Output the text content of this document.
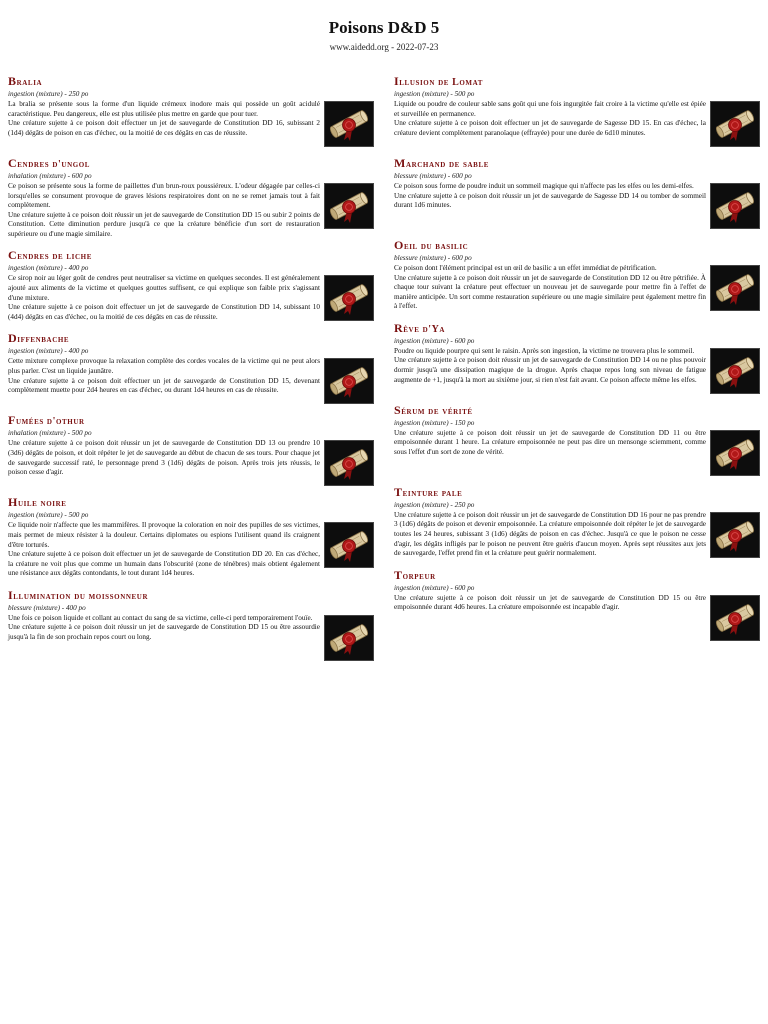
Poisons D&D 5
www.aidedd.org - 2022-07-23
Bralia
ingestion (mixture) - 250 po

La bralia se présente sous la forme d'un liquide crémeux inodore mais qui possède un goût acidulé caractéristique. Peu dangereux, elle est plus utilisée plus mettre en garde que pour tuer.

Une créature sujette à ce poison doit effectuer un jet de sauvegarde de Constitution DD 16, subissant 2 (1d4) dégâts de poison en cas d'échec, ou la moitié de ces dégâts en cas de réussite.

Cendres d'ungol
inhalation (mixture) - 600 po

Ce poison se présente sous la forme de paillettes d'un brun-roux poussiéreux. L'odeur dégagée par celles-ci lorsqu'elles se consument provoque de graves lésions respiratoires dont on ne se remet jamais tout à fait complètement.

Une créature sujette à ce poison doit réussir un jet de sauvegarde de Constitution DD 15 ou subir 2 points de Constitution. Cette diminution perdure jusqu'à ce que la créature bénéficie d'un sort de restauration supérieure ou d'une magie similaire.

Cendres de liche
ingestion (mixture) - 400 po

Ce sirop noir au léger goût de cendres peut neutraliser sa victime en quelques secondes. Il est généralement ajouté aux aliments de la victime et quelques gouttes suffisent, ce qui explique son faible prix s'agissant d'une mixture.

Une créature sujette à ce poison doit effectuer un jet de sauvegarde de Constitution DD 14, subissant 10 (4d4) dégâts en cas d'échec, ou la moitié de ces dégâts en cas de réussite.

Diffenbache
ingestion (mixture) - 400 po

Cette mixture complexe provoque la relaxation complète des cordes vocales de la victime qui ne peut alors plus parler. C'est un liquide jaunâtre.

Une créature sujette à ce poison doit effectuer un jet de sauvegarde de Constitution DD 15, devenant complètement muette pour 2d4 heures en cas d'échec, ou durant 1d4 heures en cas de réussite.

Fumées d'othur
inhalation (mixture) - 500 po

Une créature sujette à ce poison doit réussir un jet de sauvegarde de Constitution DD 13 ou prendre 10 (3d6) dégâts de poison, et doit répéter le jet de sauvegarde au début de chacun de ses tours. Pour chaque jet de sauvegarde successif raté, le personnage prend 3 (1d6) dégâts de poison. Après trois jets réussis, le poison cesse d'agir.

Huile noire
ingestion (mixture) - 500 po

Ce liquide noir n'affecte que les mammifères. Il provoque la coloration en noir des pupilles de ses victimes, mais permet de mieux résister à la douleur. Certains diplomates ou espions l'utilisent quand ils craignent d'être torturés.

Une créature sujette à ce poison doit effectuer un jet de sauvegarde de Constitution DD 20. En cas d'échec, la créature ne voit plus que comme un humain dans l'obscurité (zone de ténèbres) mais obtient également une résistance aux dégâts contondants, le tout durant 1d4 heures.

Illumination du moissonneur
blessure (mixture) - 400 po

Une fois ce poison liquide et collant au contact du sang de sa victime, celle-ci perd temporairement l'ouïe.

Une créature sujette à ce poison doit réussir un jet de sauvegarde de Constitution DD 15 ou être assourdie jusqu'à la fin de son prochain repos court ou long.

Illusion de Lomat
ingestion (mixture) - 500 po

Liquide ou poudre de couleur sable sans goût qui une fois ingurgitée fait croire à la victime qu'elle est épiée et surveillée en permanence.

Une créature sujette à ce poison doit effectuer un jet de sauvegarde de Sagesse DD 15. En cas d'échec, la créature devient complètement paranoïaque (effrayée) pour une durée de 6d10 minutes.

Marchand de sable
blessure (mixture) - 600 po

Ce poison sous forme de poudre induit un sommeil magique qui n'affecte pas les elfes ou les demi-elfes.

Une créature sujette à ce poison doit réussir un jet de sauvegarde de Sagesse DD 14 ou tomber de sommeil durant 1d6 minutes.

Oeil du basilic
blessure (mixture) - 600 po

Ce poison dont l'élément principal est un œil de basilic a un effet immédiat de pétrification.

Une créature sujette à ce poison doit réussir un jet de sauvegarde de Constitution DD 12 ou être pétrifiée. À chaque tour suivant la créature peut effectuer un nouveau jet de sauvegarde pour mettre fin à l'effet de manière anticipée. Un sort comme restauration supérieure ou une magie similaire peut également mettre fin à l'effet.

Rêve d'Ya
ingestion (mixture) - 600 po

Poudre ou liquide pourpre qui sent le raisin. Après son ingestion, la victime ne trouvera plus le sommeil.

Une créature sujette à ce poison doit réussir un jet de sauvegarde de Constitution DD 14 ou ne plus pouvoir dormir jusqu'à une dissipation magique de la drogue. Après chaque repos long son niveau de fatigue augmente de +1, jusqu'à la mort au sixième jour, si rien n'est fait avant. Ce poison affecte même les elfes.

Sérum de vérité
ingestion (mixture) - 150 po

Une créature sujette à ce poison doit réussir un jet de sauvegarde de Constitution DD 11 ou être empoisonnée durant 1 heure. La créature empoisonnée ne peut pas dire un mensonge sciemment, comme sous l'effet d'un sort de zone de vérité.

Teinture pale
ingestion (mixture) - 250 po

Une créature sujette à ce poison doit réussir un jet de sauvegarde de Constitution DD 16 pour ne pas prendre 3 (1d6) dégâts de poison et devenir empoisonnée. La créature empoisonnée doit répéter le jet de sauvegarde toutes les 24 heures, subissant 3 (1d6) dégâts de poison en cas d'échec. Jusqu'à ce que le poison ne cesse d'agir, les dégâts infligés par le poison ne peuvent être guéris d'aucun moyen. Après sept réussites aux jets de sauvegarde, l'effet prend fin et la créature peut guérir normalement.

Torpeur
ingestion (mixture) - 600 po

Une créature sujette à ce poison doit réussir un jet de sauvegarde de Constitution DD 15 ou être empoisonnée durant 4d6 heures. La créature empoisonnée est incapable d'agir.
